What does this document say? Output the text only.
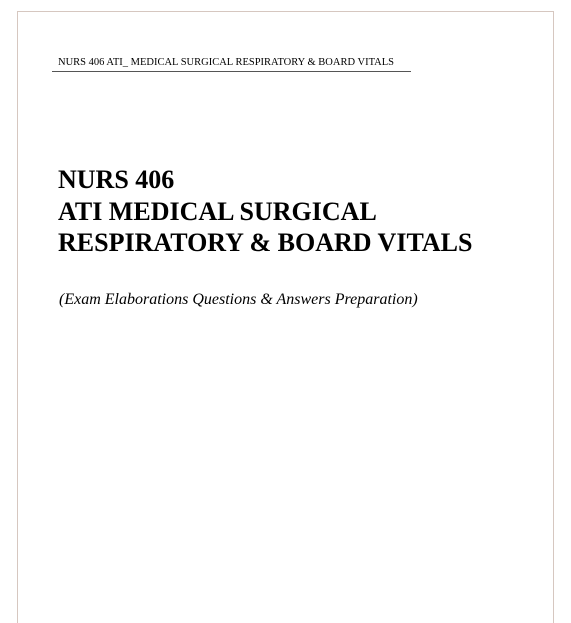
NURS 406 ATI_ MEDICAL SURGICAL RESPIRATORY & BOARD VITALS
NURS 406
ATI MEDICAL SURGICAL
RESPIRATORY & BOARD VITALS
(Exam Elaborations Questions & Answers Preparation)
